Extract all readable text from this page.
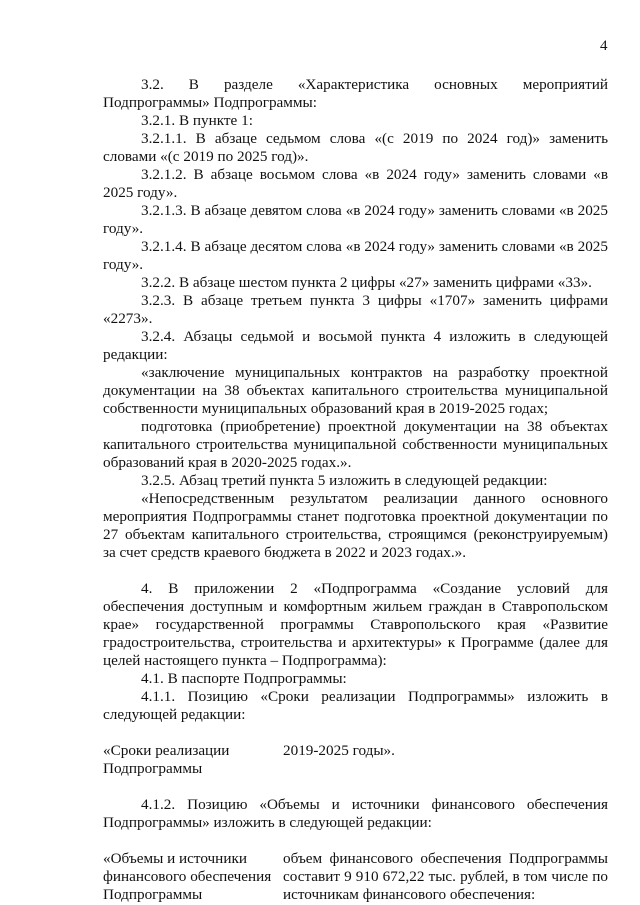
4

3.2. В разделе «Характеристика основных мероприятий Подпрограммы» Подпрограммы:

3.2.1. В пункте 1:

3.2.1.1. В абзаце седьмом слова «(с 2019 по 2024 год)» заменить словами «(с 2019 по 2025 год)».

3.2.1.2. В абзаце восьмом слова «в 2024 году» заменить словами «в 2025 году».

3.2.1.3. В абзаце девятом слова «в 2024 году» заменить словами «в 2025 году».

3.2.1.4. В абзаце десятом слова «в 2024 году» заменить словами «в 2025 году».

3.2.2. В абзаце шестом пункта 2 цифры «27» заменить цифрами «33».

3.2.3. В абзаце третьем пункта 3 цифры «1707» заменить цифрами «2273».

3.2.4. Абзацы седьмой и восьмой пункта 4 изложить в следующей редакции:

«заключение муниципальных контрактов на разработку проектной документации на 38 объектах капитального строительства муниципальной собственности муниципальных образований края в 2019-2025 годах;

подготовка (приобретение) проектной документации на 38 объектах капитального строительства муниципальной собственности муниципальных образований края в 2020-2025 годах.».

3.2.5. Абзац третий пункта 5 изложить в следующей редакции:

«Непосредственным результатом реализации данного основного мероприятия Подпрограммы станет подготовка проектной документации по 27 объектам капитального строительства, строящимся (реконструируемым) за счет средств краевого бюджета в 2022 и 2023 годах.».

4. В приложении 2 «Подпрограмма «Создание условий для обеспечения доступным и комфортным жильем граждан в Ставропольском крае» государственной программы Ставропольского края «Развитие градостроительства, строительства и архитектуры» к Программе (далее для целей настоящего пункта – Подпрограмма):

4.1. В паспорте Подпрограммы:

4.1.1. Позицию «Сроки реализации Подпрограммы» изложить в следующей редакции:

«Сроки реализации Подпрограммы
2019-2025 годы».

4.1.2. Позицию «Объемы и источники финансового обеспечения Подпрограммы» изложить в следующей редакции:

«Объемы и источники финансового обеспечения Подпрограммы
объем финансового обеспечения Подпрограммы составит 9 910 672,22 тыс. рублей, в том числе по источникам финансового обеспечения:
